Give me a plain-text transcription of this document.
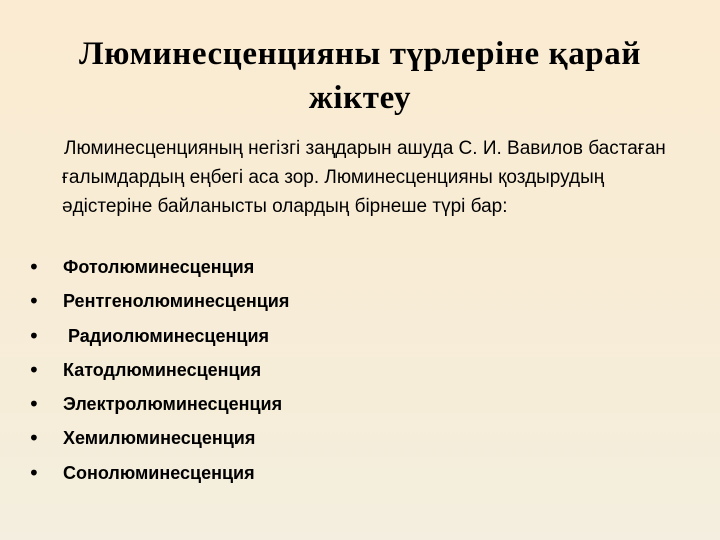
Люминесценцияны түрлеріне қарай жіктеу
Люминесценцияның негізгі заңдарын ашуда С. И. Вавилов бастаған ғалымдардың еңбегі аса зор. Люминесценцияны қоздырудың әдістеріне байланысты олардың бірнеше түрі бар:

•

Фотолюминесценция

•

Рентгенолюминесценция

•

Радиолюминесценция

•

Катодлюминесценция

•

Электролюминесценция

•

Хемилюминесценция

•

Сонолюминесценция
